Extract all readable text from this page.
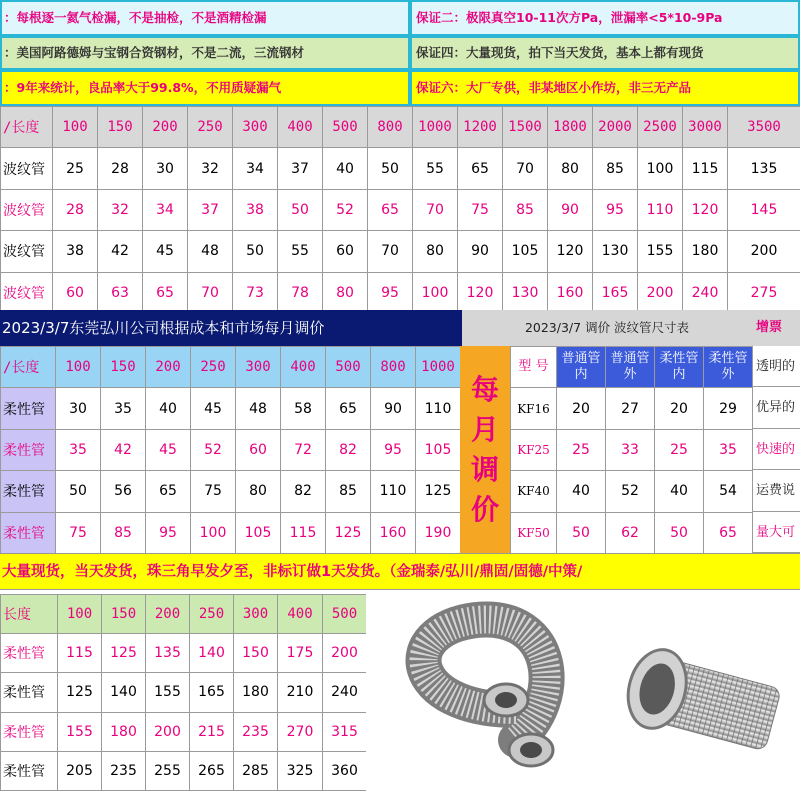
：每根逐一氦气检漏，不是抽检，不是酒精检漏	保证二：极限真空10-11次方Pa，泄漏率<5*10-9Pa
：美国阿路德姆与宝钢合资钢材，不是二流，三流钢材	保证四：大量现货，拍下当天发货，基本上都有现货
：9年来统计，良品率大于99.8%，不用质疑漏气	保证六：大厂专供，非某地区小作坊，非三无产品
/长度	100	150	200	250	300	400	500	800	1000	1200	1500	1800	2000	2500	3000	3500
波纹管	25	28	30	32	34	37	40	50	55	65	70	80	85	100	115	135
波纹管	28	32	34	37	38	50	52	65	70	75	85	90	95	110	120	145
波纹管	38	42	45	48	50	55	60	70	80	90	105	120	130	155	180	200
波纹管	60	63	65	70	73	78	80	95	100	120	130	160	165	200	240	275
2023/3/7东莞弘川公司根据成本和市场每月调价	2023/3/7 调价 波纹管尺寸表	增票
/长度	100	150	200	250	300	400	500	800	1000
柔性管	30	35	40	45	48	58	65	90	110
柔性管	35	42	45	52	60	72	82	95	105
柔性管	50	56	65	75	80	82	85	110	125
柔性管	75	85	95	100	105	115	125	160	190
每
月
调
价
型 号	普通管内	普通管外	柔性管内	柔性管外
KF16	20	27	20	29
KF25	25	33	25	35
KF40	40	52	40	54
KF50	50	62	50	65
透明的
优异的
快速的
运费说
量大可
大量现货，当天发货，珠三角早发夕至，非标订做1天发货。（金瑞泰/弘川/鼎固/固德/中策/
长度	100	150	200	250	300	400	500
柔性管	115	125	135	140	150	175	200
柔性管	125	140	155	165	180	210	240
柔性管	155	180	200	215	235	270	315
柔性管	205	235	255	265	285	325	360
